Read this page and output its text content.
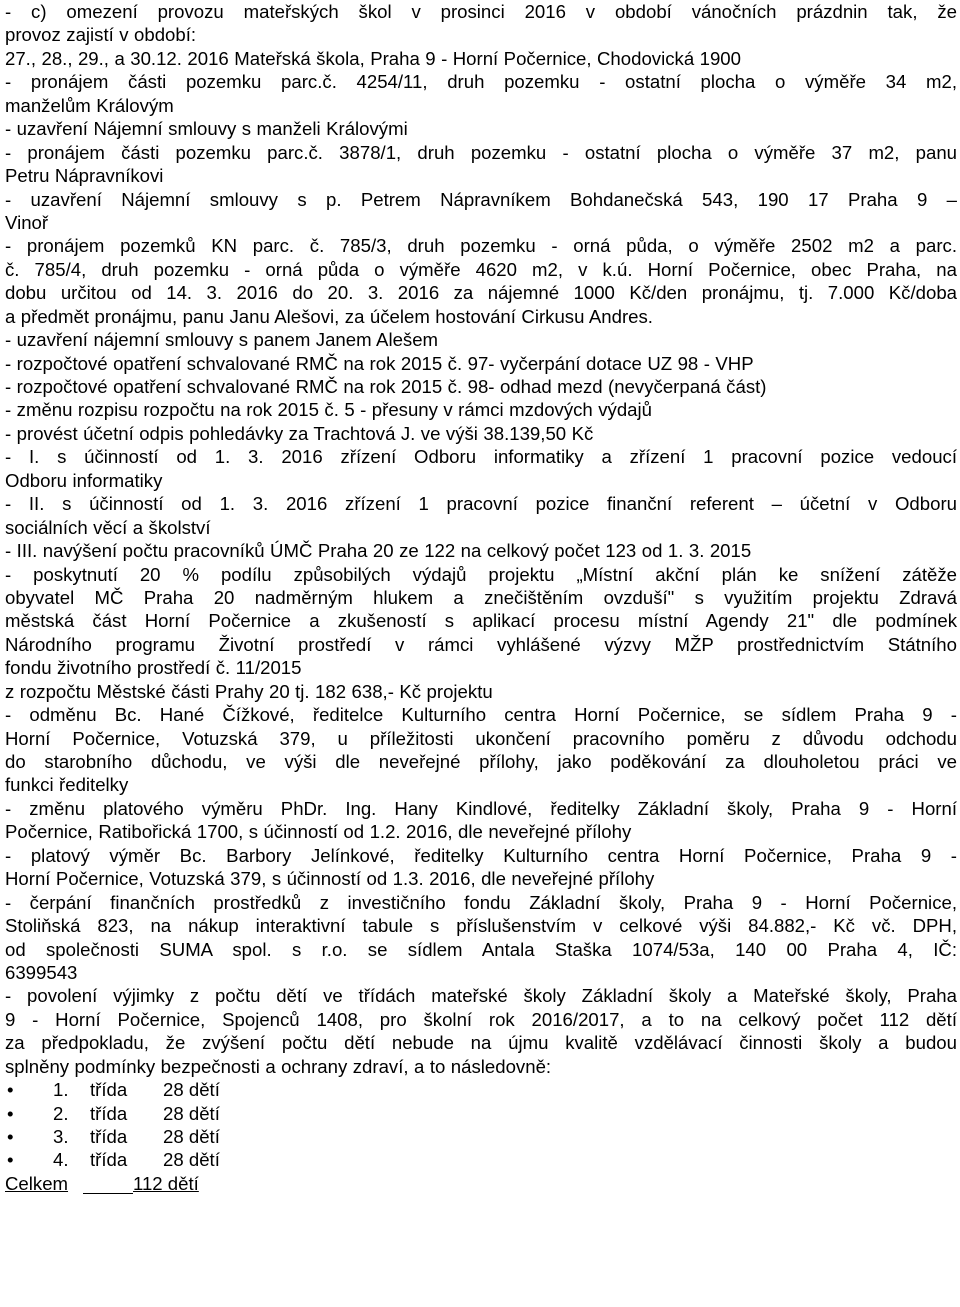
- c) omezení provozu mateřských škol v prosinci 2016 v období vánočních prázdnin tak, že
provoz zajistí v období:
27., 28., 29., a 30.12. 2016 Mateřská škola, Praha 9 - Horní Počernice, Chodovická 1900
- pronájem části pozemku parc.č. 4254/11, druh pozemku - ostatní plocha o výměře 34 m2,
manželům Královým
- uzavření Nájemní smlouvy s manželi Královými
- pronájem části pozemku parc.č. 3878/1, druh pozemku - ostatní plocha o výměře 37 m2, panu
Petru Nápravníkovi
- uzavření Nájemní smlouvy s p. Petrem Nápravníkem Bohdanečská 543, 190 17 Praha 9 –
Vinoř
- pronájem pozemků KN parc. č. 785/3, druh pozemku - orná půda, o výměře 2502 m2 a parc.
č. 785/4, druh pozemku - orná půda o výměře 4620 m2, v k.ú. Horní Počernice, obec Praha, na
dobu určitou od 14. 3. 2016 do 20. 3. 2016 za nájemné 1000 Kč/den pronájmu, tj. 7.000 Kč/doba
a předmět pronájmu, panu Janu Alešovi, za účelem hostování Cirkusu Andres.
- uzavření nájemní smlouvy s panem Janem Alešem
- rozpočtové opatření schvalované RMČ na rok 2015 č. 97- vyčerpání dotace UZ 98 - VHP
- rozpočtové opatření schvalované RMČ na rok 2015 č. 98- odhad mezd (nevyčerpaná část)
- změnu rozpisu rozpočtu na rok 2015 č. 5 - přesuny v rámci mzdových výdajů
- provést účetní odpis pohledávky za Trachtová J. ve výši 38.139,50 Kč
- I. s účinností od 1. 3. 2016 zřízení Odboru informatiky a zřízení 1 pracovní pozice vedoucí
Odboru informatiky
- II. s účinností od 1. 3. 2016 zřízení 1 pracovní pozice finanční referent – účetní v Odboru
sociálních věcí a školství
- III. navýšení počtu pracovníků ÚMČ Praha 20 ze 122 na celkový počet 123 od 1. 3. 2015
- poskytnutí 20 % podílu způsobilých výdajů projektu „Místní akční plán ke snížení zátěže
obyvatel MČ Praha 20 nadměrným hlukem a znečištěním ovzduší" s využitím projektu Zdravá
městská část Horní Počernice a zkušeností s aplikací procesu místní Agendy 21" dle podmínek
Národního programu Životní prostředí v rámci vyhlášené výzvy MŽP prostřednictvím Státního
fondu životního prostředí č. 11/2015
z rozpočtu Městské části Prahy 20 tj. 182 638,- Kč projektu
- odměnu Bc. Hané Čížkové, ředitelce Kulturního centra Horní Počernice, se sídlem Praha 9 -
Horní Počernice, Votuzská 379, u příležitosti ukončení pracovního poměru z důvodu odchodu
do starobního důchodu, ve výši dle neveřejné přílohy, jako poděkování za dlouholetou práci ve
funkci ředitelky
- změnu platového výměru PhDr. Ing. Hany Kindlové, ředitelky Základní školy, Praha 9 - Horní
Počernice, Ratibořická 1700, s účinností od 1.2. 2016, dle neveřejné přílohy
- platový výměr Bc. Barbory Jelínkové, ředitelky Kulturního centra Horní Počernice, Praha 9 -
Horní Počernice, Votuzská 379, s účinností od 1.3. 2016, dle neveřejné přílohy
- čerpání finančních prostředků z investičního fondu Základní školy, Praha 9 - Horní Počernice,
Stoliňská 823, na nákup interaktivní tabule s příslušenstvím v celkové výši 84.882,- Kč vč. DPH,
od společnosti SUMA spol. s r.o. se sídlem Antala Staška 1074/53a, 140 00 Praha 4, IČ:
6399543
- povolení výjimky z počtu dětí ve třídách mateřské školy Základní školy a Mateřské školy, Praha
9 - Horní Počernice, Spojenců 1408, pro školní rok 2016/2017, a to na celkový počet 112 dětí
za předpokladu, že zvýšení počtu dětí nebude na újmu kvalitě vzdělávací činnosti školy a budou
splněny podmínky bezpečnosti a ochrany zdraví, a to následovně:
• 1. třída 28 dětí
• 2. třída 28 dětí
• 3. třída 28 dětí
• 4. třída 28 dětí
Celkem	112 dětí
